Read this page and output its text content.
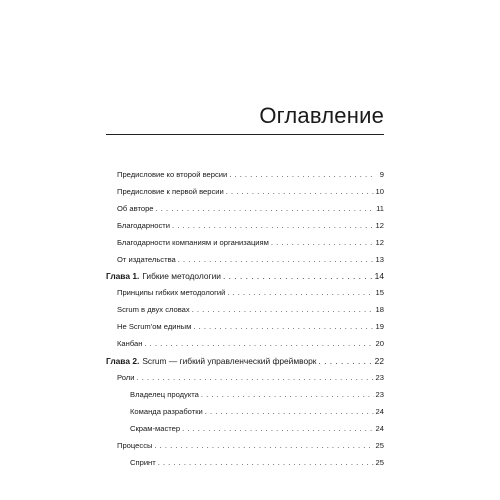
Оглавление
Предисловие ко второй версии . . .	9
Предисловие к первой версии . . .	10
Об авторе . . .	11
Благодарности . . .	12
Благодарности компаниям и организациям . . .	12
От издательства . . .	13
Глава 1. Гибкие методологии . . .	14
Принципы гибких методологий . . .	15
Scrum в двух словах . . .	18
Не Scrum'ом единым . . .	19
Канбан . . .	20
Глава 2. Scrum — гибкий управленческий фреймворк . . .	22
Роли . . .	23
Владелец продукта . . .	23
Команда разработки . . .	24
Скрам-мастер . . .	24
Процессы . . .	25
Спринт . . .	25
